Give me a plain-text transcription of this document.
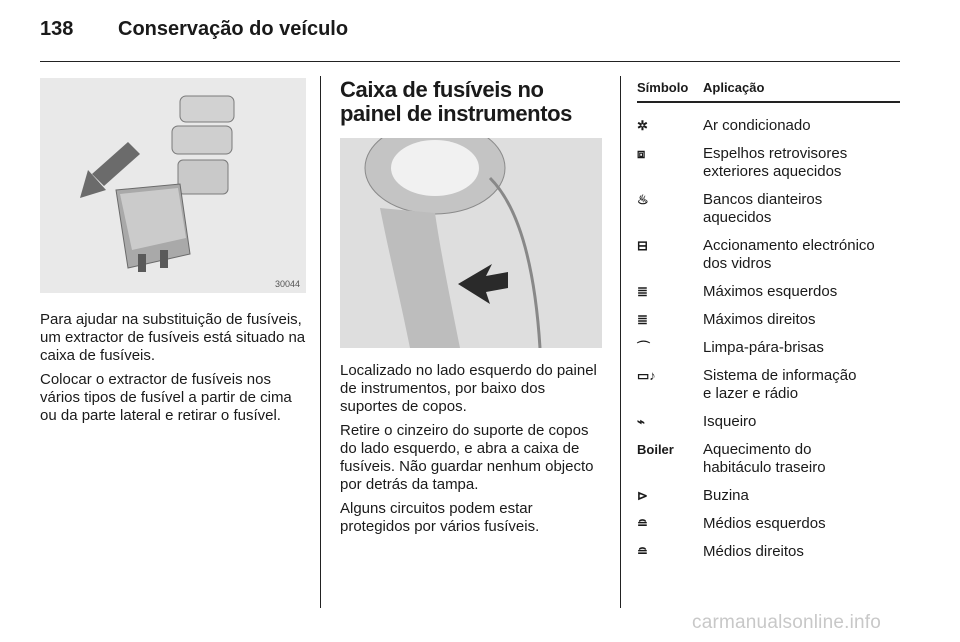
138	Conservação do veículo
30044

Para ajudar na substituição de fusíveis, um extractor de fusíveis está situado na caixa de fusíveis.

Colocar o extractor de fusíveis nos vários tipos de fusível a partir de cima ou da parte lateral e retirar o fusível.

Caixa de fusíveis no painel de instrumentos

Localizado no lado esquerdo do painel de instrumentos, por baixo dos suportes de copos.

Retire o cinzeiro do suporte de copos do lado esquerdo, e abra a caixa de fusíveis. Não guardar nenhum objecto por detrás da tampa.

Alguns circuitos podem estar protegidos por vários fusíveis.

Símbolo	Aplicação
✲	Ar condicionado

⧈	Espelhos retrovisores
exteriores aquecidos

♨	Bancos dianteiros
aquecidos

⊟	Accionamento electrónico
dos vidros

≣	Máximos esquerdos

≣	Máximos direitos

⌒	Limpa-pára-brisas

▭♪	Sistema de informação
e lazer e rádio

⌁	Isqueiro

Boiler	Aquecimento do
habitáculo traseiro

⊳	Buzina

≘	Médios esquerdos

≘	Médios direitos
carmanualsonline.info
